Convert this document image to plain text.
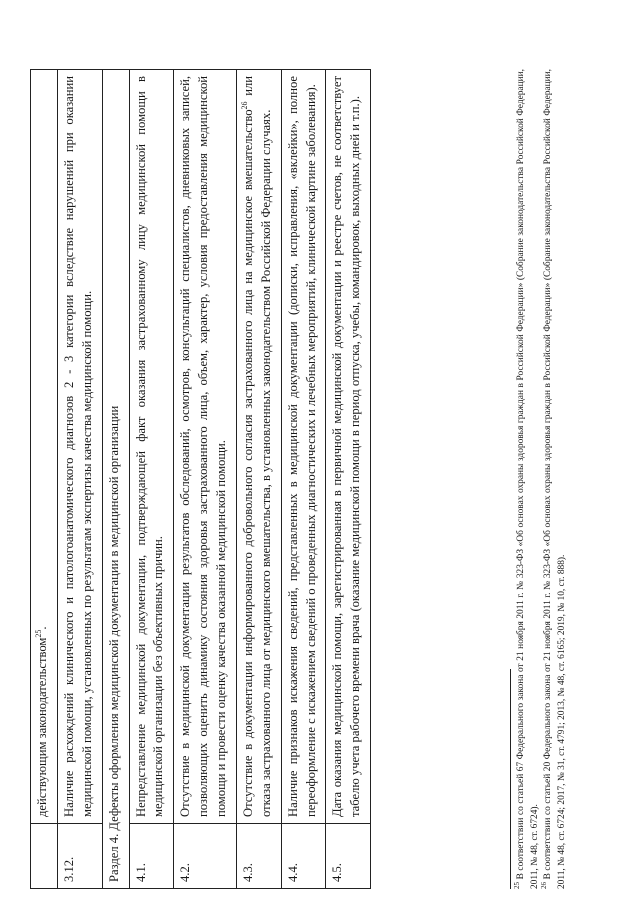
	действующим законодательством$^{25}$.
3.12.	Наличие расхождений клинического и патологоанатомического диагнозов 2 - 3 категории вследствие нарушений при оказании медицинской помощи, установленных по результатам экспертизы качества медицинской помощи.
Раздел 4. Дефекты оформления медицинской документации в медицинской организации	
4.1.	Непредставление медицинской документации, подтверждающей факт оказания застрахованному лицу медицинской помощи в медицинской организации без объективных причин.
4.2.	Отсутствие в медицинской документации результатов обследований, осмотров, консультаций специалистов, дневниковых записей, позволяющих оценить динамику состояния здоровья застрахованного лица, объем, характер, условия предоставления медицинской помощи и провести оценку качества оказанной медицинской помощи.
4.3.	Отсутствие в документации информированного добровольного согласия застрахованного лица на медицинское вмешательство$^{26}$ или отказа застрахованного лица от медицинского вмешательства, в установленных законодательством Российской Федерации случаях.
4.4.	Наличие признаков искажения сведений, представленных в медицинской документации (дописки, исправления, «вклейки», полное переоформление с искажением сведений о проведенных диагностических и лечебных мероприятий, клинической картине заболевания).
4.5.	Дата оказания медицинской помощи, зарегистрированная в первичной медицинской документации и реестре счетов, не соответствует табелю учета рабочего времени врача (оказание медицинской помощи в период отпуска, учебы, командировок, выходных дней и т.п.).
$^{25}$ В соответствии со статьей 67 Федерального закона от 21 ноября 2011 г. № 323-ФЗ «Об основах охраны здоровья граждан в Российской Федерации» (Собрание законодательства Российской Федерации, 2011, № 48, ст. 6724). $^{26}$ В соответствии со статьей 20 Федерального закона от 21 ноября 2011 г. № 323-ФЗ «Об основах охраны здоровья граждан в Российской Федерации» (Собрание законодательства Российской Федерации, 2011, № 48, ст. 6724; 2017, № 31, ст. 4791; 2013, № 48, ст. 6165; 2019, № 10, ст. 888).
